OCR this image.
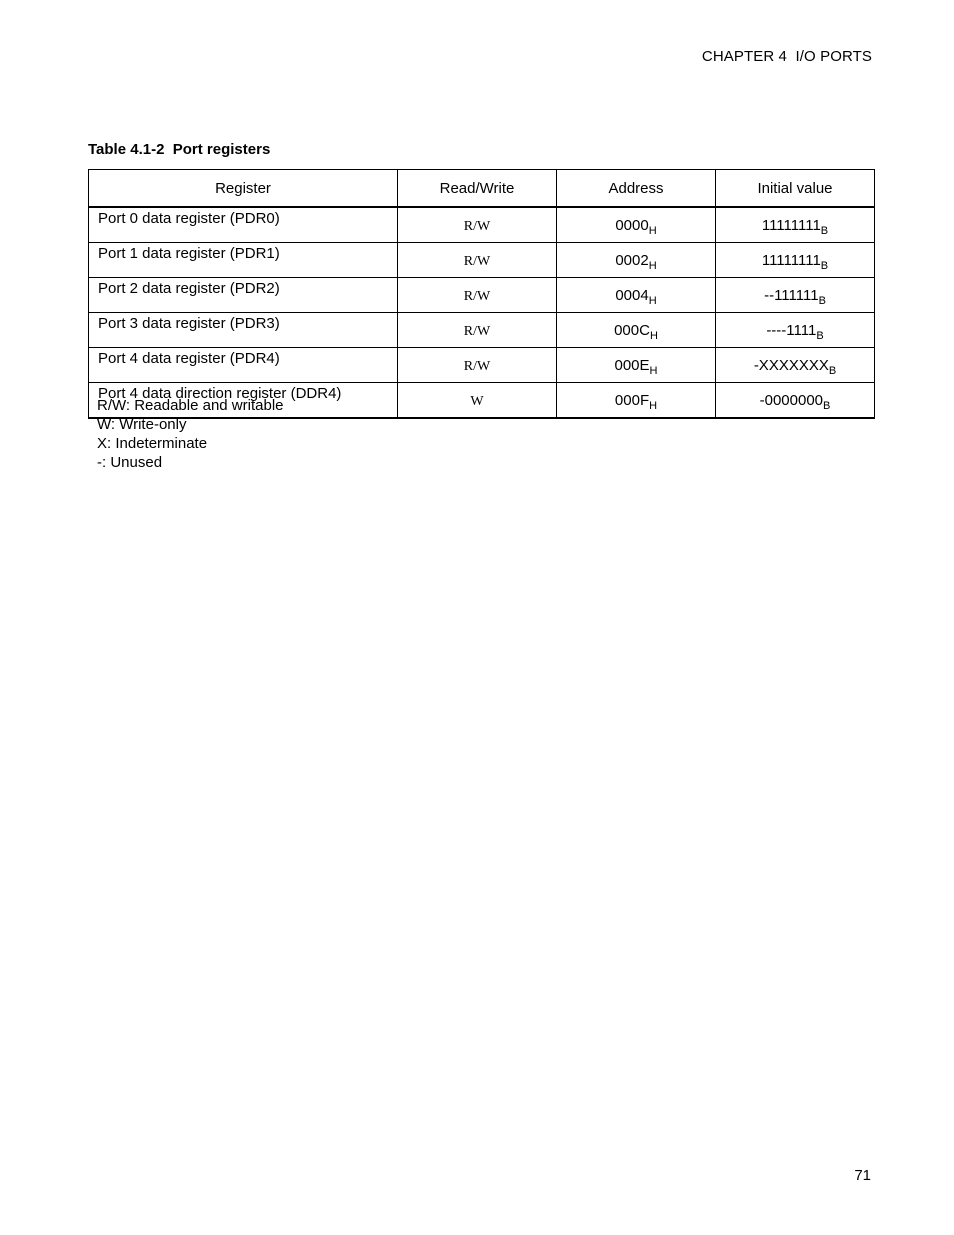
CHAPTER 4  I/O PORTS
Table 4.1-2  Port registers
Register	Read/Write	Address	Initial value
Port 0 data register (PDR0)	R/W	$0000_H$	$11111111_B$
Port 1 data register (PDR1)	R/W	$0002_H$	$11111111_B$
Port 2 data register (PDR2)	R/W	$0004_H$	$--111111_B$
Port 3 data register (PDR3)	R/W	$000C_H$	$----1111_B$
Port 4 data register (PDR4)	R/W	$000E_H$	$-XXXXXXX_B$
Port 4 data direction register (DDR4)	W	$000F_H$	$-0000000_B$
R/W: Readable and writable
W: Write-only
X: Indeterminate
-: Unused
71
